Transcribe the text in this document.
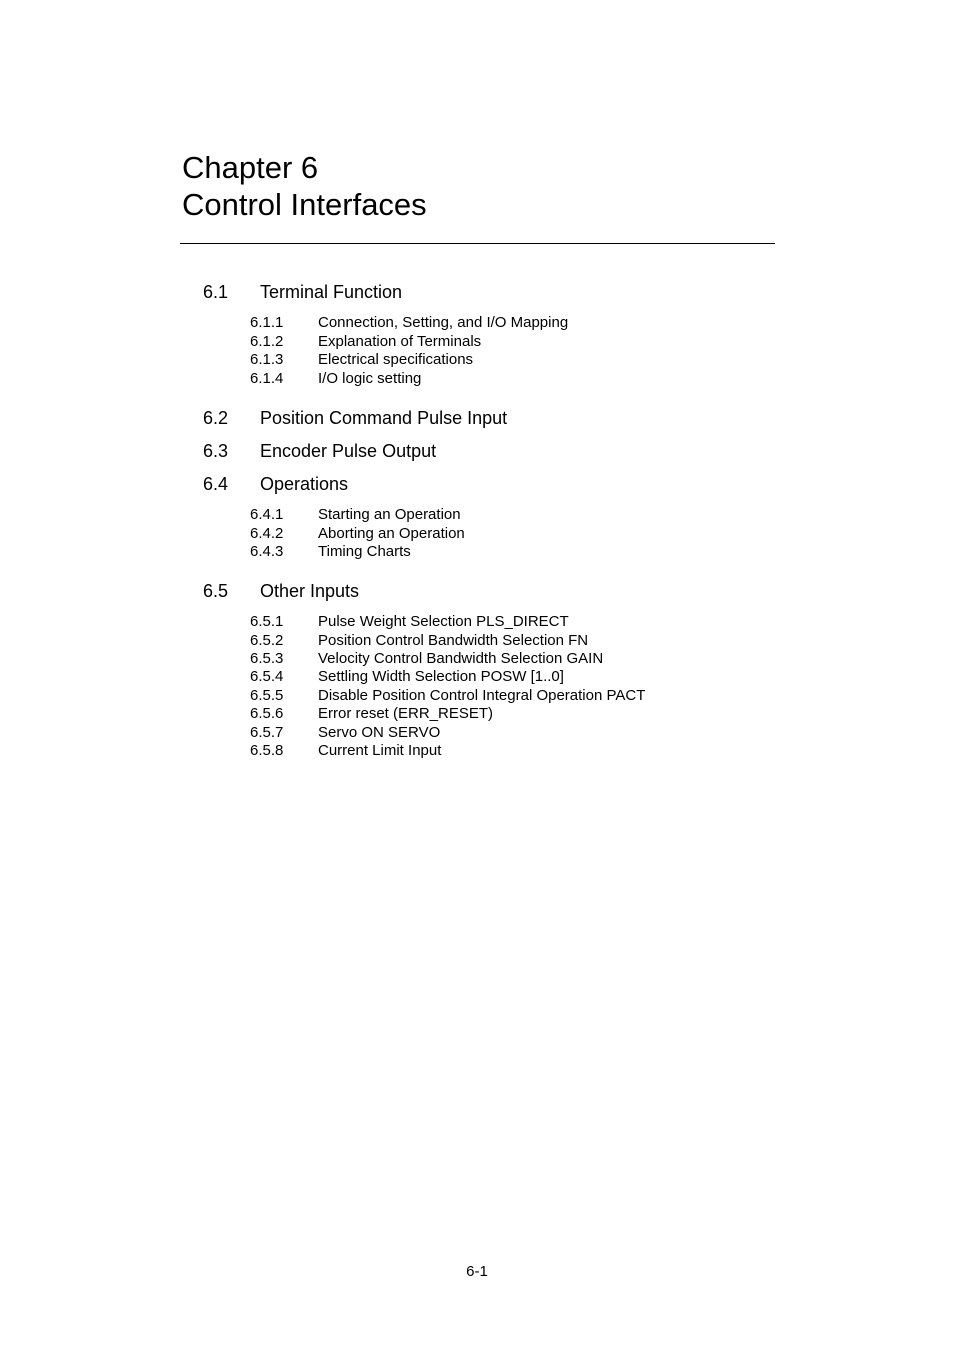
Chapter 6
Control Interfaces
6.1 Terminal Function
6.1.1 Connection, Setting, and I/O Mapping
6.1.2 Explanation of Terminals
6.1.3 Electrical specifications
6.1.4 I/O logic setting
6.2 Position Command Pulse Input
6.3 Encoder Pulse Output
6.4 Operations
6.4.1 Starting an Operation
6.4.2 Aborting an Operation
6.4.3 Timing Charts
6.5 Other Inputs
6.5.1 Pulse Weight Selection PLS_DIRECT
6.5.2 Position Control Bandwidth Selection FN
6.5.3 Velocity Control Bandwidth Selection GAIN
6.5.4 Settling Width Selection POSW [1..0]
6.5.5 Disable Position Control Integral Operation PACT
6.5.6 Error reset (ERR_RESET)
6.5.7 Servo ON SERVO
6.5.8 Current Limit Input
6-1
